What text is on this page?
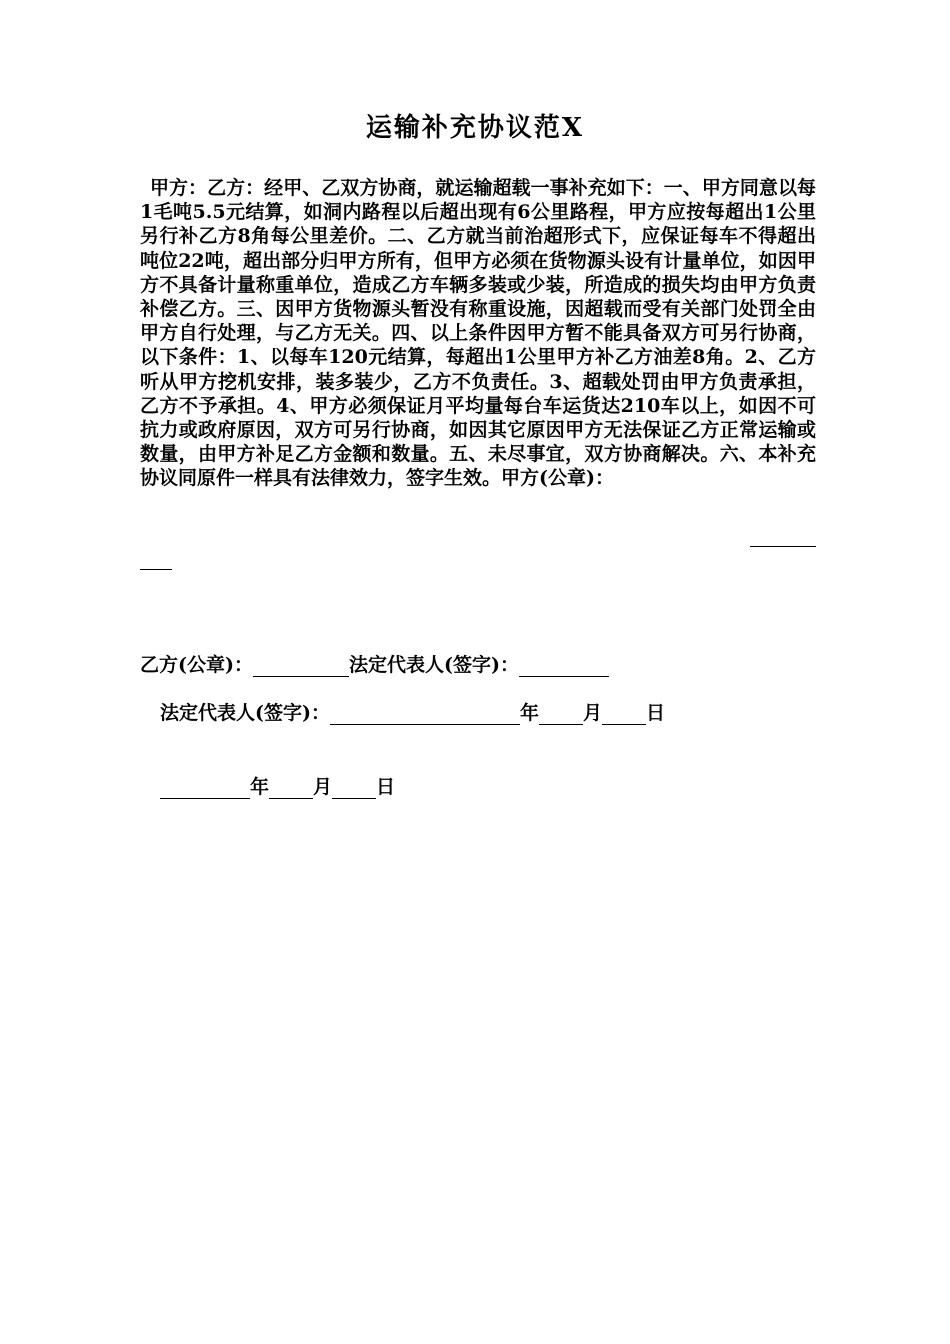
运输补充协议范X
甲方：乙方：经甲、乙双方协商，就运输超载一事补充如下：一、甲方同意以每1毛吨5.5元结算，如洞内路程以后超出现有6公里路程，甲方应按每超出1公里另行补乙方8角每公里差价。二、乙方就当前治超形式下，应保证每车不得超出吨位22吨，超出部分归甲方所有，但甲方必须在货物源头设有计量单位，如因甲方不具备计量称重单位，造成乙方车辆多装或少装，所造成的损失均由甲方负责补偿乙方。三、因甲方货物源头暂没有称重设施，因超载而受有关部门处罚全由甲方自行处理，与乙方无关。四、以上条件因甲方暂不能具备双方可另行协商，以下条件：1、以每车120元结算，每超出1公里甲方补乙方油差8角。2、乙方听从甲方挖机安排，装多装少，乙方不负责任。3、超载处罚由甲方负责承担，乙方不予承担。4、甲方必须保证月平均量每台车运货达210车以上，如因不可抗力或政府原因，双方可另行协商，如因其它原因甲方无法保证乙方正常运输或数量，由甲方补足乙方金额和数量。五、未尽事宜，双方协商解决。六、本补充协议同原件一样具有法律效力，签字生效。甲方(公章)：
乙方(公章)：	法定代表人(签字)：
法定代表人(签字)：	年 月 日
年 月 日
